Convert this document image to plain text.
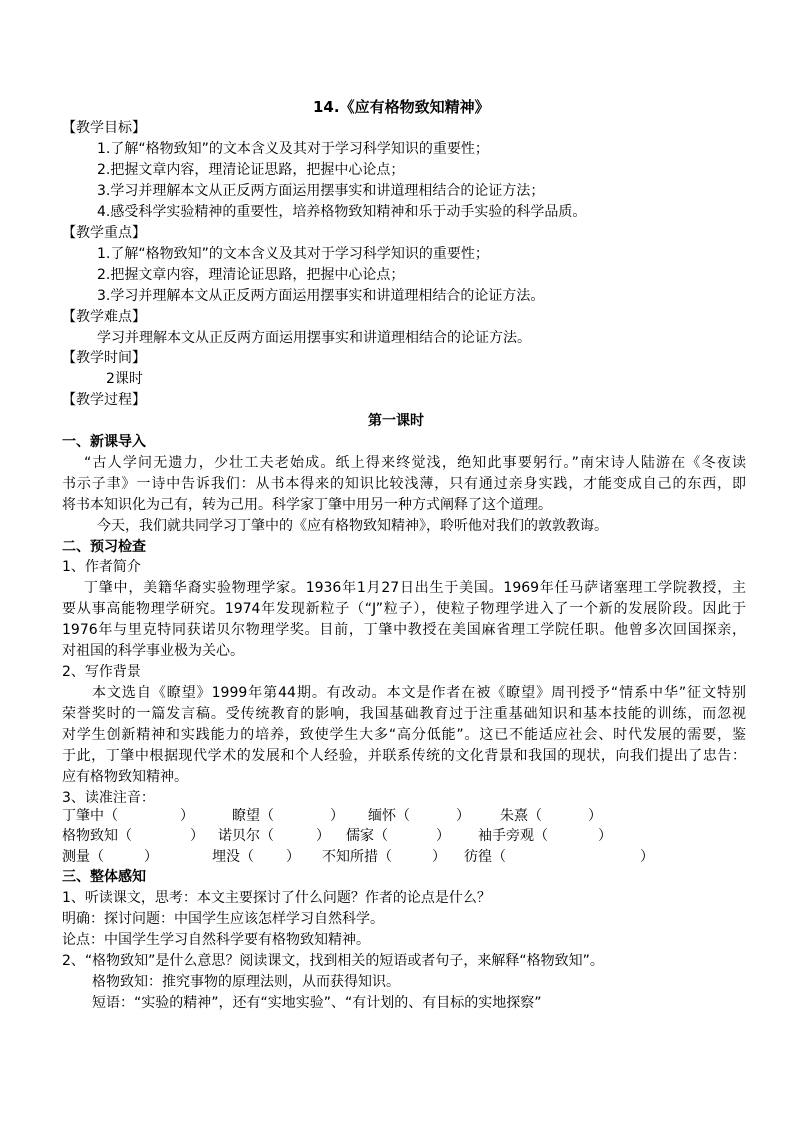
14.《应有格物致知精神》
【教学目标】
1.了解“格物致知”的文本含义及其对于学习科学知识的重要性；
2.把握文章内容，理清论证思路，把握中心论点；
3.学习并理解本文从正反两方面运用摆事实和讲道理相结合的论证方法；
4.感受科学实验精神的重要性，培养格物致知精神和乐于动手实验的科学品质。
【教学重点】
1.了解“格物致知”的文本含义及其对于学习科学知识的重要性；
2.把握文章内容，理清论证思路，把握中心论点；
3.学习并理解本文从正反两方面运用摆事实和讲道理相结合的论证方法。
【教学难点】
学习并理解本文从正反两方面运用摆事实和讲道理相结合的论证方法。
【教学时间】
2课时
【教学过程】
第一课时
一、新课导入
“古人学问无遗力，少壮工夫老始成。纸上得来终觉浅，绝知此事要躬行。”南宋诗人陆游在《冬夜读
书示子聿》一诗中告诉我们：从书本得来的知识比较浅薄，只有通过亲身实践，才能变成自己的东西，即
将书本知识化为己有，转为己用。科学家丁肇中用另一种方式阐释了这个道理。
今天，我们就共同学习丁肇中的《应有格物致知精神》，聆听他对我们的敦敦教诲。
二、预习检查
1、作者简介
丁肇中，美籍华裔实验物理学家。1936年1月27日出生于美国。1969年任马萨诸塞理工学院教授，主
要从事高能物理学研究。1974年发现新粒子（“J”粒子），使粒子物理学进入了一个新的发展阶段。因此于
1976年与里克特同获诺贝尔物理学奖。目前，丁肇中教授在美国麻省理工学院任职。他曾多次回国探亲，
对祖国的科学事业极为关心。
2、写作背景
本文选自《瞭望》1999年第44期。有改动。本文是作者在被《瞭望》周刊授予“情系中华”征文特别
荣誉奖时的一篇发言稿。受传统教育的影响，我国基础教育过于注重基础知识和基本技能的训练，而忽视
对学生创新精神和实践能力的培养，致使学生大多“高分低能”。这已不能适应社会、时代发展的需要，鉴
于此，丁肇中根据现代学术的发展和个人经验，并联系传统的文化背景和我国的现状，向我们提出了忠告：
应有格物致知精神。
3、读准注音：
丁肇中（	）	瞭望（	） 缅怀（	） 朱熹（	）
格物致知（	） 诺贝尔（	） 儒家（	） 袖手旁观（	）
测量（	）	埋没（ ） 不知所措（	） 彷徨（	）
三、整体感知
1、听读课文，思考：本文主要探讨了什么问题？作者的论点是什么？
明确：探讨问题：中国学生应该怎样学习自然科学。
论点：中国学生学习自然科学要有格物致知精神。
2、“格物致知”是什么意思？阅读课文，找到相关的短语或者句子，来解释“格物致知”。
格物致知：推究事物的原理法则，从而获得知识。
短语：“实验的精神”，还有“实地实验”、“有计划的、有目标的实地探察”
